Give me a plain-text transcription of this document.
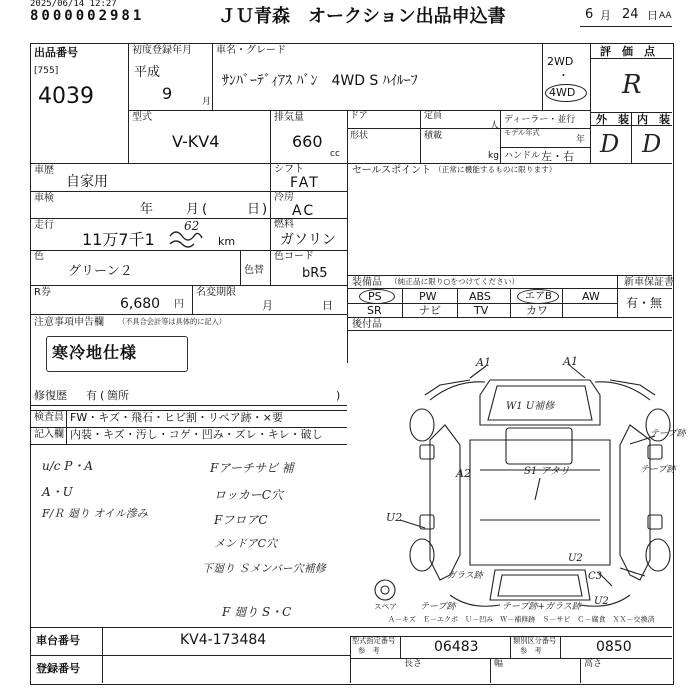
2025/06/14 12:27
8000002981	ＪＵ青森　オークション出品申込書	6 月 24 日 AA
出品番号
[755]
4039
初度登録年月
平成
9	月
車名・グレード
ｻﾝﾊﾞｰﾃﾞｨｱｽ ﾊﾞﾝ　4WD S ﾊｲﾙｰﾌ
2WD
・
4WD
評　価　点
R
型式
V-KV4
排気量
660
cc
ドア	定員
人
形状	積載
kg
ディーラー・並行
モデル年式
年
ハンドル 左・右
外　装 内　装
D D
車歴
自家用
シフト
FAT
車検
年	月 (	日 )
冷房
AC
走行
11万7千1
62
km
燃料
ガソリン
色
グリーン２	色替
色コード
bR5
R券
6,680 円
名変期限
月	日
注意事項申告欄 （不具合会計等は具体的に記入）
寒冷地仕様
修復歴 有 ( 箇所	)
検査員
記入欄
FW ・ キズ ・ 飛石 ・ ヒビ割 ・ リペア跡 ・ ×要
内装 ・ キズ ・ 汚し ・ コゲ ・ 凹み ・ ズレ ・ キレ ・ 破し
u/c P・A
A・U
F/Ｒ 廻り オイル滲み
Fアーチサビ 補
ロッカーC穴
FフロアC
メンドアC穴
下廻り Ｓメンバー穴補修
F 廻り S・C
セールスポイント （正常に機能するものに限ります）
装備品 （純正品に限り○をつけてください）	新車保証書
有・無
PS	PW	ABS	エアB	AW
SR	ナビ	TV	カワ
後付品
A1	A1
W1 U補修
A2	S1 アタリ
テープ跡
U2
テープ跡
C3
ガラス跡
U2
スペア	テープ跡	テープ跡+ガラス跡 U2
Ａ－キズ　Ｅ－エクボ　Ｕ－凹み　Ｗ－補修跡　Ｓ－サビ　Ｃ－腐食　ＸＸ－交換済
車台番号	KV4-173484
登録番号
型式指定番号
参　考	06483	類別区分番号
参　考	0850
長さ	幅	高さ
